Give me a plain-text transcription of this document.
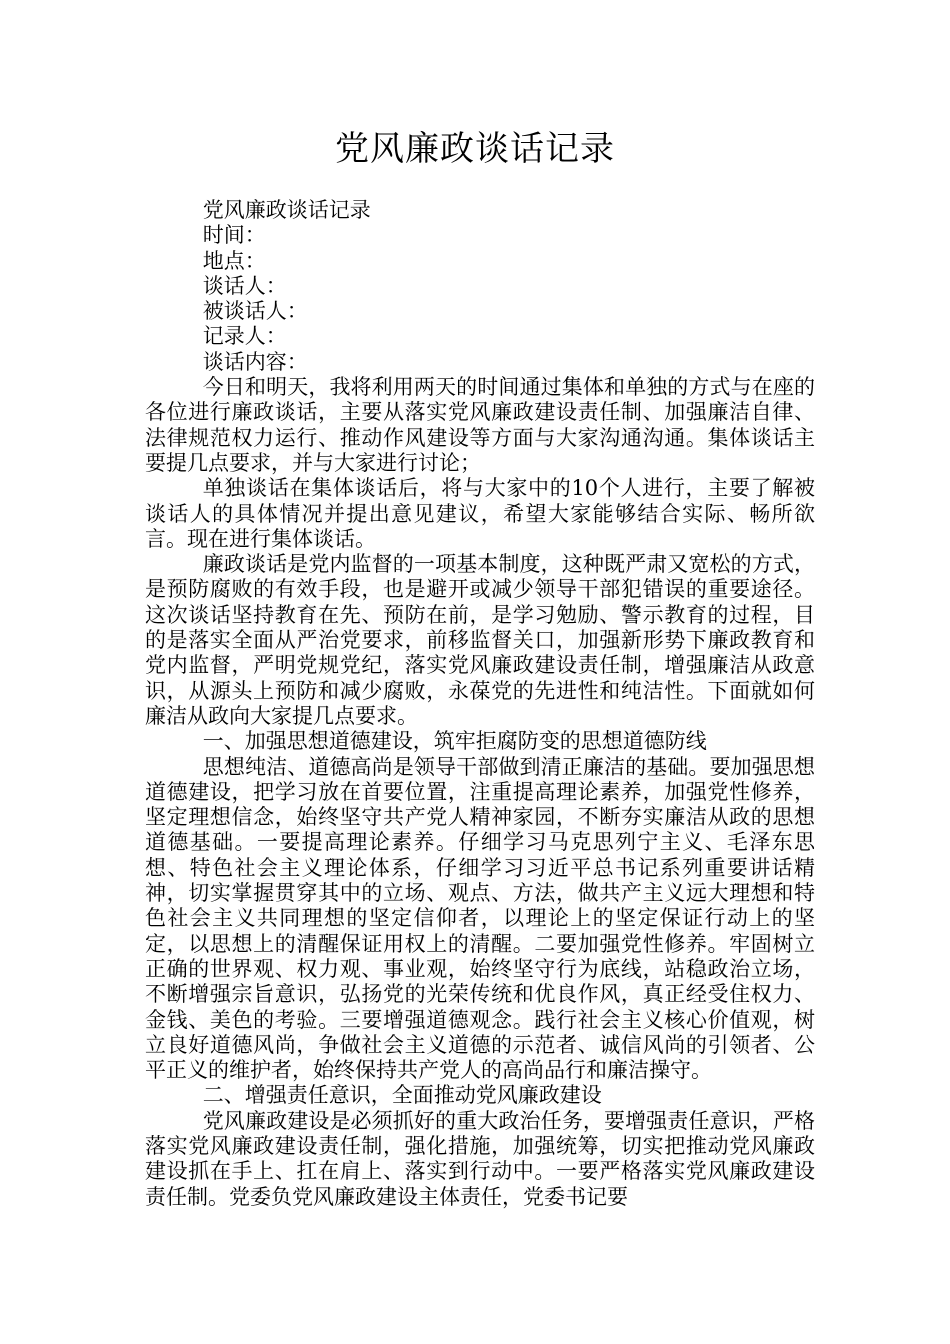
党风廉政谈话记录

党风廉政谈话记录

时间：

地点：

谈话人：

被谈话人：

记录人：

谈话内容：

今日和明天，我将利用两天的时间通过集体和单独的方式与在座的各位进行廉政谈话，主要从落实党风廉政建设责任制、加强廉洁自律、法律规范权力运行、推动作风建设等方面与大家沟通沟通。集体谈话主要提几点要求，并与大家进行讨论；

单独谈话在集体谈话后，将与大家中的10个人进行，主要了解被谈话人的具体情况并提出意见建议，希望大家能够结合实际、畅所欲言。现在进行集体谈话。

廉政谈话是党内监督的一项基本制度，这种既严肃又宽松的方式，是预防腐败的有效手段，也是避开或减少领导干部犯错误的重要途径。这次谈话坚持教育在先、预防在前，是学习勉励、警示教育的过程，目的是落实全面从严治党要求，前移监督关口，加强新形势下廉政教育和党内监督，严明党规党纪，落实党风廉政建设责任制，增强廉洁从政意识，从源头上预防和减少腐败，永葆党的先进性和纯洁性。下面就如何廉洁从政向大家提几点要求。

一、加强思想道德建设，筑牢拒腐防变的思想道德防线

思想纯洁、道德高尚是领导干部做到清正廉洁的基础。要加强思想道德建设，把学习放在首要位置，注重提高理论素养，加强党性修养，坚定理想信念，始终坚守共产党人精神家园，不断夯实廉洁从政的思想道德基础。一要提高理论素养。仔细学习马克思列宁主义、毛泽东思想、特色社会主义理论体系，仔细学习习近平总书记系列重要讲话精神，切实掌握贯穿其中的立场、观点、方法，做共产主义远大理想和特色社会主义共同理想的坚定信仰者，以理论上的坚定保证行动上的坚定，以思想上的清醒保证用权上的清醒。二要加强党性修养。牢固树立正确的世界观、权力观、事业观，始终坚守行为底线，站稳政治立场，不断增强宗旨意识，弘扬党的光荣传统和优良作风，真正经受住权力、金钱、美色的考验。三要增强道德观念。践行社会主义核心价值观，树立良好道德风尚，争做社会主义道德的示范者、诚信风尚的引领者、公平正义的维护者，始终保持共产党人的高尚品行和廉洁操守。

二、增强责任意识，全面推动党风廉政建设

党风廉政建设是必须抓好的重大政治任务，要增强责任意识，严格落实党风廉政建设责任制，强化措施，加强统筹，切实把推动党风廉政建设抓在手上、扛在肩上、落实到行动中。一要严格落实党风廉政建设责任制。党委负党风廉政建设主体责任，党委书记要
